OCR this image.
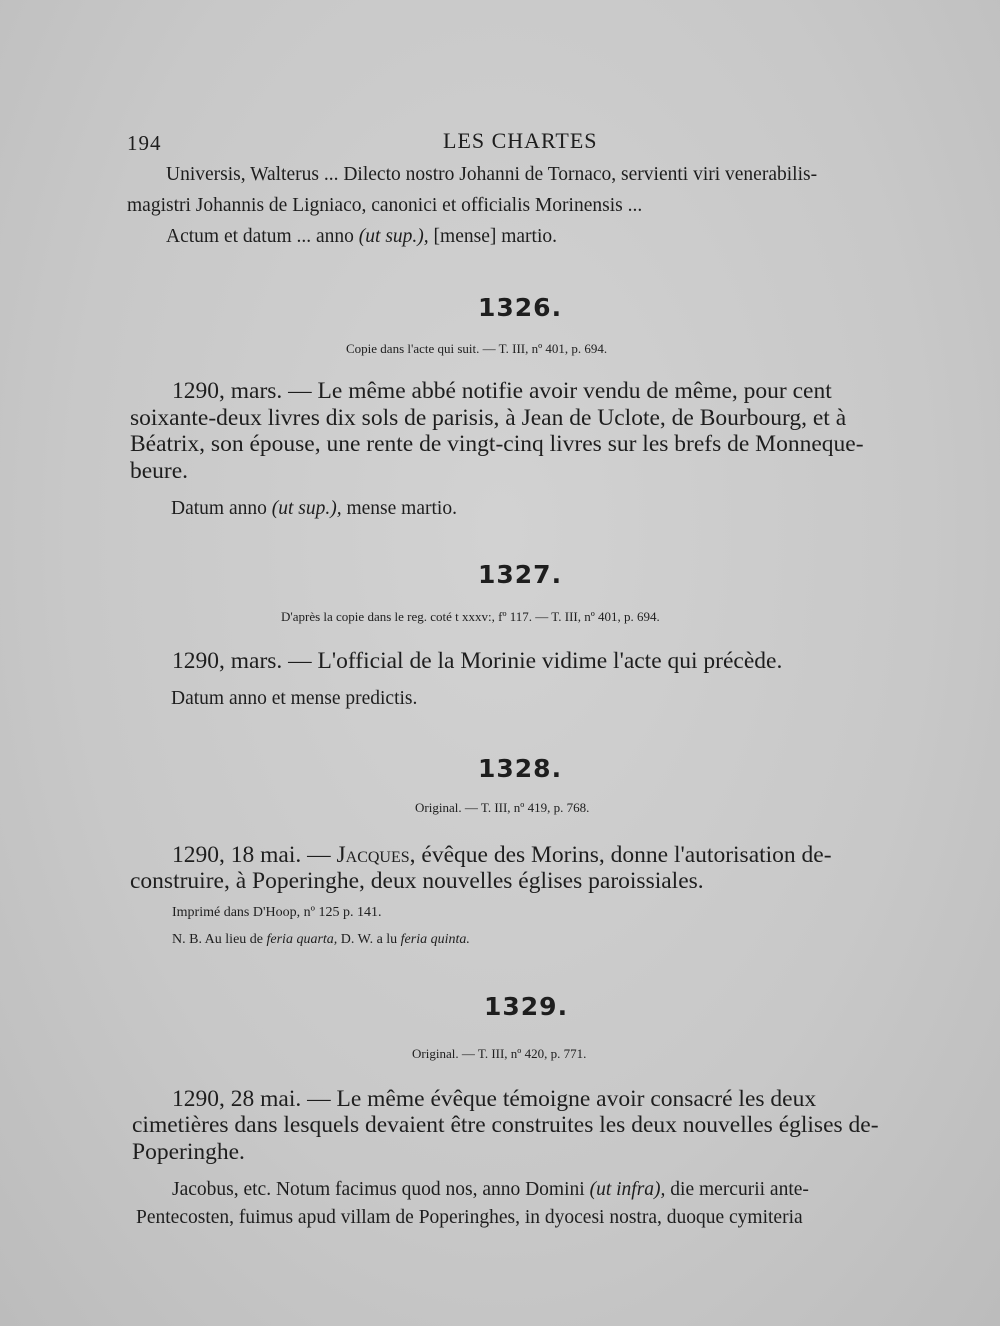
194	LES CHARTES
Universis, Walterus ... Dilecto nostro Johanni de Tornaco, servienti viri venerabilis-
magistri Johannis de Ligniaco, canonici et officialis Morinensis ...
Actum et datum ... anno (ut sup.), [mense] martio.
1326.
Copie dans l'acte qui suit. — T. III, nº 401, p. 694.
1290, mars. — Le même abbé notifie avoir vendu de même, pour cent
soixante-deux livres dix sols de parisis, à Jean de Uclote, de Bourbourg, et à
Béatrix, son épouse, une rente de vingt-cinq livres sur les brefs de Monneque-
beure.
Datum anno (ut sup.), mense martio.
1327.
D'après la copie dans le reg. coté t xxxv:, fº 117. — T. III, nº 401, p. 694.
1290, mars. — L'official de la Morinie vidime l'acte qui précède.
Datum anno et mense predictis.
1328.
Original. — T. III, nº 419, p. 768.
1290, 18 mai. — Jacques, évêque des Morins, donne l'autorisation de-
construire, à Poperinghe, deux nouvelles églises paroissiales.
Imprimé dans D'Hoop, nº 125 p. 141.
N. B. Au lieu de feria quarta, D. W. a lu feria quinta.
1329.
Original. — T. III, nº 420, p. 771.
1290, 28 mai. — Le même évêque témoigne avoir consacré les deux
cimetières dans lesquels devaient être construites les deux nouvelles églises de-
Poperinghe.
Jacobus, etc. Notum facimus quod nos, anno Domini (ut infra), die mercurii ante-
Pentecosten, fuimus apud villam de Poperinghes, in dyocesi nostra, duoque cymiteria
